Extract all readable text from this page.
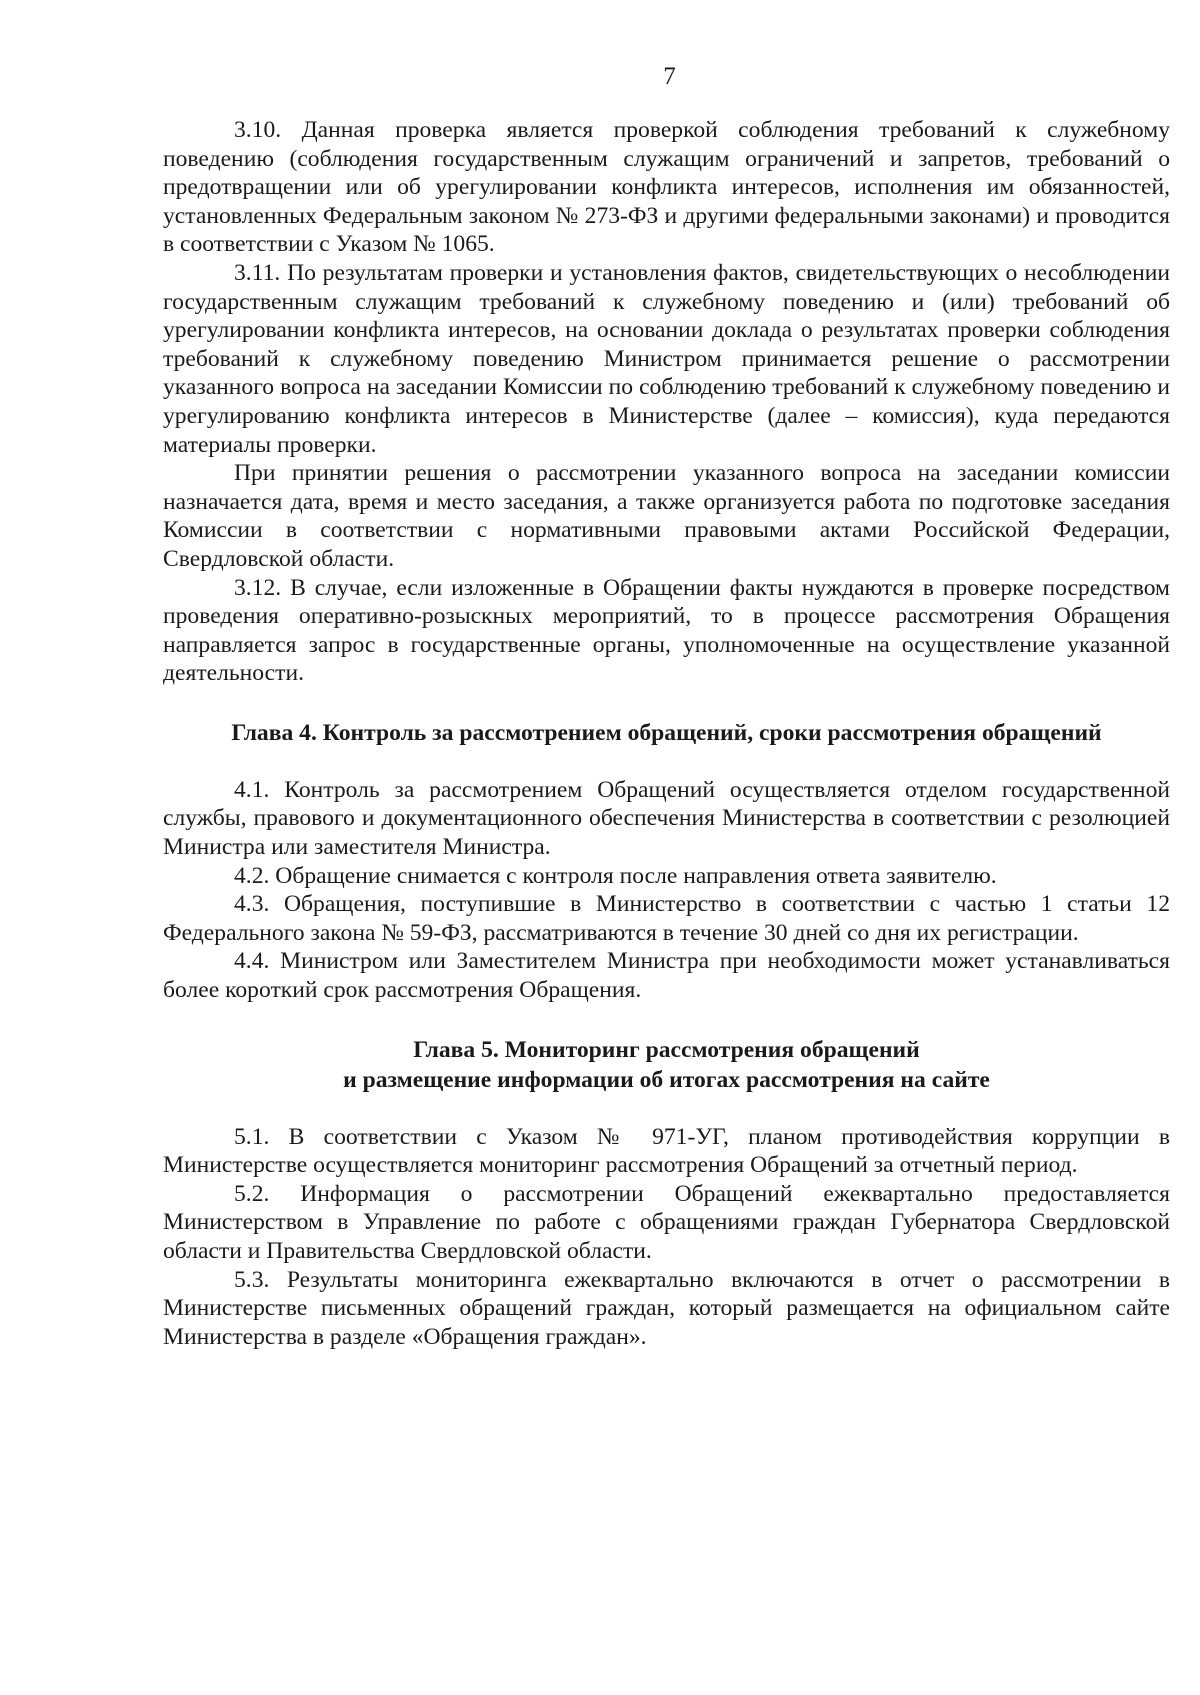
7

3.10. Данная проверка является проверкой соблюдения требований к служебному поведению (соблюдения государственным служащим ограничений и запретов, требований о предотвращении или об урегулировании конфликта интересов, исполнения им обязанностей, установленных Федеральным законом № 273-ФЗ и другими федеральными законами) и проводится в соответствии с Указом № 1065.

3.11. По результатам проверки и установления фактов, свидетельствующих о несоблюдении государственным служащим требований к служебному поведению и (или) требований об урегулировании конфликта интересов, на основании доклада о результатах проверки соблюдения требований к служебному поведению Министром принимается решение о рассмотрении указанного вопроса на заседании Комиссии по соблюдению требований к служебному поведению и урегулированию конфликта интересов в Министерстве (далее – комиссия), куда передаются материалы проверки.

При принятии решения о рассмотрении указанного вопроса на заседании комиссии назначается дата, время и место заседания, а также организуется работа по подготовке заседания Комиссии в соответствии с нормативными правовыми актами Российской Федерации, Свердловской области.

3.12. В случае, если изложенные в Обращении факты нуждаются в проверке посредством проведения оперативно-розыскных мероприятий, то в процессе рассмотрения Обращения направляется запрос в государственные органы, уполномоченные на осуществление указанной деятельности.

Глава 4. Контроль за рассмотрением обращений, сроки рассмотрения обращений

4.1. Контроль за рассмотрением Обращений осуществляется отделом государственной службы, правового и документационного обеспечения Министерства в соответствии с резолюцией Министра или заместителя Министра.

4.2. Обращение снимается с контроля после направления ответа заявителю.

4.3. Обращения, поступившие в Министерство в соответствии с частью 1 статьи 12 Федерального закона № 59-ФЗ, рассматриваются в течение 30 дней со дня их регистрации.

4.4. Министром или Заместителем Министра при необходимости может устанавливаться более короткий срок рассмотрения Обращения.

Глава 5. Мониторинг рассмотрения обращений
и размещение информации об итогах рассмотрения на сайте

5.1. В соответствии с Указом № 971-УГ, планом противодействия коррупции в Министерстве осуществляется мониторинг рассмотрения Обращений за отчетный период.

5.2. Информация о рассмотрении Обращений ежеквартально предоставляется Министерством в Управление по работе с обращениями граждан Губернатора Свердловской области и Правительства Свердловской области.

5.3. Результаты мониторинга ежеквартально включаются в отчет о рассмотрении в Министерстве письменных обращений граждан, который размещается на официальном сайте Министерства в разделе «Обращения граждан».
